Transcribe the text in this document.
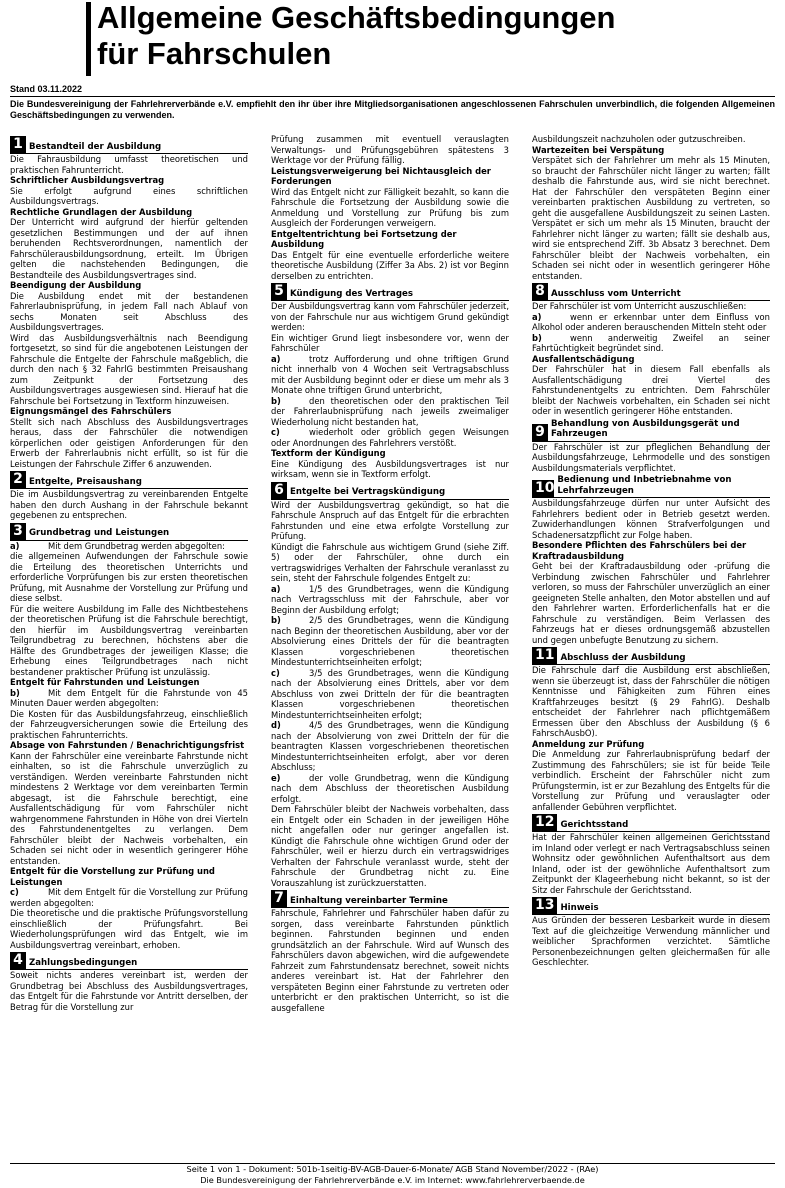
Allgemeine Geschäftsbedingungen
für Fahrschulen
Stand 03.11.2022
Die Bundesvereinigung der Fahrlehrerverbände e.V. empfiehlt den ihr über ihre Mitgliedsorganisationen angeschlossenen Fahrschulen unverbindlich, die folgenden Allgemeinen Geschäftsbedingungen zu verwenden.
1 Bestandteil der Ausbildung
Die Fahrausbildung umfasst theoretischen und praktischen Fahrunterricht.
Schriftlicher Ausbildungsvertrag
Sie erfolgt aufgrund eines schriftlichen Ausbildungsvertrags.
Rechtliche Grundlagen der Ausbildung
Der Unterricht wird aufgrund der hierfür geltenden gesetzlichen Bestimmungen und der auf ihnen beruhenden Rechtsverordnungen, namentlich der Fahrschülerausbildungsordnung, erteilt. Im Übrigen gelten die nachstehenden Bedingungen, die Bestandteile des Ausbildungsvertrages sind.
Beendigung der Ausbildung
Die Ausbildung endet mit der bestandenen Fahrerlaubnisprüfung, in jedem Fall nach Ablauf von sechs Monaten seit Abschluss des Ausbildungsvertrages.
Wird das Ausbildungsverhältnis nach Beendigung fortgesetzt, so sind für die angebotenen Leistungen der Fahrschule die Entgelte der Fahrschule maßgeblich, die durch den nach § 32 FahrlG bestimmten Preisaushang zum Zeitpunkt der Fortsetzung des Ausbildungsvertrages ausgewiesen sind. Hierauf hat die Fahrschule bei Fortsetzung in Textform hinzuweisen.
Eignungsmängel des Fahrschülers
Stellt sich nach Abschluss des Ausbildungsvertrages heraus, dass der Fahrschüler die notwendigen körperlichen oder geistigen Anforderungen für den Erwerb der Fahrerlaubnis nicht erfüllt, so ist für die Leistungen der Fahrschule Ziffer 6 anzuwenden.
2 Entgelte, Preisaushang
Die im Ausbildungsvertrag zu vereinbarenden Entgelte haben den durch Aushang in der Fahrschule bekannt gegebenen zu entsprechen.
3 Grundbetrag und Leistungen
a)	Mit dem Grundbetrag werden abgegolten:
die allgemeinen Aufwendungen der Fahrschule sowie die Erteilung des theoretischen Unterrichts und erforderliche Vorprüfungen bis zur ersten theoretischen Prüfung, mit Ausnahme der Vorstellung zur Prüfung und diese selbst.
Für die weitere Ausbildung im Falle des Nichtbestehens der theoretischen Prüfung ist die Fahrschule berechtigt, den hierfür im Ausbildungsvertrag vereinbarten Teilgrundbetrag zu berechnen, höchstens aber die Hälfte des Grundbetrages der jeweiligen Klasse; die Erhebung eines Teilgrundbetrages nach nicht bestandener praktischer Prüfung ist unzulässig.
Entgelt für Fahrstunden und Leistungen
b)	Mit dem Entgelt für die Fahrstunde von 45 Minuten Dauer werden abgegolten:
Die Kosten für das Ausbildungsfahrzeug, einschließlich der Fahrzeugversicherungen sowie die Erteilung des praktischen Fahrunterrichts.
Absage von Fahrstunden / Benachrichtigungsfrist
Kann der Fahrschüler eine vereinbarte Fahrstunde nicht einhalten, so ist die Fahrschule unverzüglich zu verständigen. Werden vereinbarte Fahrstunden nicht mindestens 2 Werktage vor dem vereinbarten Termin abgesagt, ist die Fahrschule berechtigt, eine Ausfallentschädigung für vom Fahrschüler nicht wahrgenommene Fahrstunden in Höhe von drei Vierteln des Fahrstundenentgeltes zu verlangen. Dem Fahrschüler bleibt der Nachweis vorbehalten, ein Schaden sei nicht oder in wesentlich geringerer Höhe entstanden.
Entgelt für die Vorstellung zur Prüfung und Leistungen
c)	Mit dem Entgelt für die Vorstellung zur Prüfung werden abgegolten:
Die theoretische und die praktische Prüfungsvorstellung einschließlich der Prüfungsfahrt. Bei Wiederholungsprüfungen wird das Entgelt, wie im Ausbildungsvertrag vereinbart, erhoben.
4 Zahlungsbedingungen
Soweit nichts anderes vereinbart ist, werden der Grundbetrag bei Abschluss des Ausbildungsvertrages, das Entgelt für die Fahrstunde vor Antritt derselben, der Betrag für die Vorstellung zur
Prüfung zusammen mit eventuell verauslagten Verwaltungs- und Prüfungsgebühren spätestens 3 Werktage vor der Prüfung fällig.
Leistungsverweigerung bei Nichtausgleich der Forderungen
Wird das Entgelt nicht zur Fälligkeit bezahlt, so kann die Fahrschule die Fortsetzung der Ausbildung sowie die Anmeldung und Vorstellung zur Prüfung bis zum Ausgleich der Forderungen verweigern.
Entgeltentrichtung bei Fortsetzung der Ausbildung
Das Entgelt für eine eventuelle erforderliche weitere theoretische Ausbildung (Ziffer 3a Abs. 2) ist vor Beginn derselben zu entrichten.
5 Kündigung des Vertrages
Der Ausbildungsvertrag kann vom Fahrschüler jederzeit, von der Fahrschule nur aus wichtigem Grund gekündigt werden:
Ein wichtiger Grund liegt insbesondere vor, wenn der Fahrschüler
a)	trotz Aufforderung und ohne triftigen Grund nicht innerhalb von 4 Wochen seit Vertragsabschluss mit der Ausbildung beginnt oder er diese um mehr als 3 Monate ohne triftigen Grund unterbricht,
b)	den theoretischen oder den praktischen Teil der Fahrerlaubnisprüfung nach jeweils zweimaliger Wiederholung nicht bestanden hat,
c)	wiederholt oder gröblich gegen Weisungen oder Anordnungen des Fahrlehrers verstößt.
Textform der Kündigung
Eine Kündigung des Ausbildungsvertrages ist nur wirksam, wenn sie in Textform erfolgt.
6 Entgelte bei Vertragskündigung
Wird der Ausbildungsvertrag gekündigt, so hat die Fahrschule Anspruch auf das Entgelt für die erbrachten Fahrstunden und eine etwa erfolgte Vorstellung zur Prüfung.
Kündigt die Fahrschule aus wichtigem Grund (siehe Ziff. 5) oder der Fahrschüler, ohne durch ein vertragswidriges Verhalten der Fahrschule veranlasst zu sein, steht der Fahrschule folgendes Entgelt zu:
a)	1/5 des Grundbetrages, wenn die Kündigung nach Vertragsschluss mit der Fahrschule, aber vor Beginn der Ausbildung erfolgt;
b)	2/5 des Grundbetrages, wenn die Kündigung nach Beginn der theoretischen Ausbildung, aber vor der Absolvierung eines Drittels der für die beantragten Klassen vorgeschriebenen theoretischen Mindestunterrichtseinheiten erfolgt;
c)	3/5 des Grundbetrages, wenn die Kündigung nach der Absolvierung eines Drittels, aber vor dem Abschluss von zwei Dritteln der für die beantragten Klassen vorgeschriebenen theoretischen Mindestunterrichtseinheiten erfolgt;
d)	4/5 des Grundbetrages, wenn die Kündigung nach der Absolvierung von zwei Dritteln der für die beantragten Klassen vorgeschriebenen theoretischen Mindestunterrichtseinheiten erfolgt, aber vor deren Abschluss;
e)	der volle Grundbetrag, wenn die Kündigung nach dem Abschluss der theoretischen Ausbildung erfolgt.
Dem Fahrschüler bleibt der Nachweis vorbehalten, dass ein Entgelt oder ein Schaden in der jeweiligen Höhe nicht angefallen oder nur geringer angefallen ist. Kündigt die Fahrschule ohne wichtigen Grund oder der Fahrschüler, weil er hierzu durch ein vertragswidriges Verhalten der Fahrschule veranlasst wurde, steht der Fahrschule der Grundbetrag nicht zu. Eine Vorauszahlung ist zurückzuerstatten.
7 Einhaltung vereinbarter Termine
Fahrschule, Fahrlehrer und Fahrschüler haben dafür zu sorgen, dass vereinbarte Fahrstunden pünktlich beginnen. Fahrstunden beginnen und enden grundsätzlich an der Fahrschule. Wird auf Wunsch des Fahrschülers davon abgewichen, wird die aufgewendete Fahrzeit zum Fahrstundensatz berechnet, soweit nichts anderes vereinbart ist. Hat der Fahrlehrer den verspäteten Beginn einer Fahrstunde zu vertreten oder unterbricht er den praktischen Unterricht, so ist die ausgefallene
Ausbildungszeit nachzuholen oder gutzuschreiben.
Wartezeiten bei Verspätung
Verspätet sich der Fahrlehrer um mehr als 15 Minuten, so braucht der Fahrschüler nicht länger zu warten; fällt deshalb die Fahrstunde aus, wird sie nicht berechnet. Hat der Fahrschüler den verspäteten Beginn einer vereinbarten praktischen Ausbildung zu vertreten, so geht die ausgefallene Ausbildungszeit zu seinen Lasten. Verspätet er sich um mehr als 15 Minuten, braucht der Fahrlehrer nicht länger zu warten; fällt sie deshalb aus, wird sie entsprechend Ziff. 3b Absatz 3 berechnet. Dem Fahrschüler bleibt der Nachweis vorbehalten, ein Schaden sei nicht oder in wesentlich geringerer Höhe entstanden.
8 Ausschluss vom Unterricht
Der Fahrschüler ist vom Unterricht auszuschließen:
a)	wenn er erkennbar unter dem Einfluss von Alkohol oder anderen berauschenden Mitteln steht oder
b)	wenn anderweitig Zweifel an seiner Fahrtüchtigkeit begründet sind.
Ausfallentschädigung
Der Fahrschüler hat in diesem Fall ebenfalls als Ausfallentschädigung drei Viertel des Fahrstundenentgelts zu entrichten. Dem Fahrschüler bleibt der Nachweis vorbehalten, ein Schaden sei nicht oder in wesentlich geringerer Höhe entstanden.
9 Behandlung von Ausbildungsgerät und Fahrzeugen
Der Fahrschüler ist zur pfleglichen Behandlung der Ausbildungsfahrzeuge, Lehrmodelle und des sonstigen Ausbildungsmaterials verpflichtet.
10 Bedienung und Inbetriebnahme von Lehrfahrzeugen
Ausbildungsfahrzeuge dürfen nur unter Aufsicht des Fahrlehrers bedient oder in Betrieb gesetzt werden. Zuwiderhandlungen können Strafverfolgungen und Schadenersatzpflicht zur Folge haben.
Besondere Pflichten des Fahrschülers bei der Kraftradausbildung
Geht bei der Kraftradausbildung oder -prüfung die Verbindung zwischen Fahrschüler und Fahrlehrer verloren, so muss der Fahrschüler unverzüglich an einer geeigneten Stelle anhalten, den Motor abstellen und auf den Fahrlehrer warten. Erforderlichenfalls hat er die Fahrschule zu verständigen. Beim Verlassen des Fahrzeugs hat er dieses ordnungsgemäß abzustellen und gegen unbefugte Benutzung zu sichern.
11 Abschluss der Ausbildung
Die Fahrschule darf die Ausbildung erst abschließen, wenn sie überzeugt ist, dass der Fahrschüler die nötigen Kenntnisse und Fähigkeiten zum Führen eines Kraftfahrzeuges besitzt (§ 29 FahrlG). Deshalb entscheidet der Fahrlehrer nach pflichtgemäßem Ermessen über den Abschluss der Ausbildung (§ 6 FahrschAusbO).
Anmeldung zur Prüfung
Die Anmeldung zur Fahrerlaubnisprüfung bedarf der Zustimmung des Fahrschülers; sie ist für beide Teile verbindlich. Erscheint der Fahrschüler nicht zum Prüfungstermin, ist er zur Bezahlung des Entgelts für die Vorstellung zur Prüfung und verauslagter oder anfallender Gebühren verpflichtet.
12 Gerichtsstand
Hat der Fahrschüler keinen allgemeinen Gerichtsstand im Inland oder verlegt er nach Vertragsabschluss seinen Wohnsitz oder gewöhnlichen Aufenthaltsort aus dem Inland, oder ist der gewöhnliche Aufenthaltsort zum Zeitpunkt der Klageerhebung nicht bekannt, so ist der Sitz der Fahrschule der Gerichtsstand.
13 Hinweis
Aus Gründen der besseren Lesbarkeit wurde in diesem Text auf die gleichzeitige Verwendung männlicher und weiblicher Sprachformen verzichtet. Sämtliche Personenbezeichnungen gelten gleichermaßen für alle Geschlechter.
Seite 1 von 1 - Dokument: 501b-1seitig-BV-AGB-Dauer-6-Monate/ AGB Stand November/2022 - (RAe)
Die Bundesvereinigung der Fahrlehrerverbände e.V. im Internet: www.fahrlehrerverbaende.de
